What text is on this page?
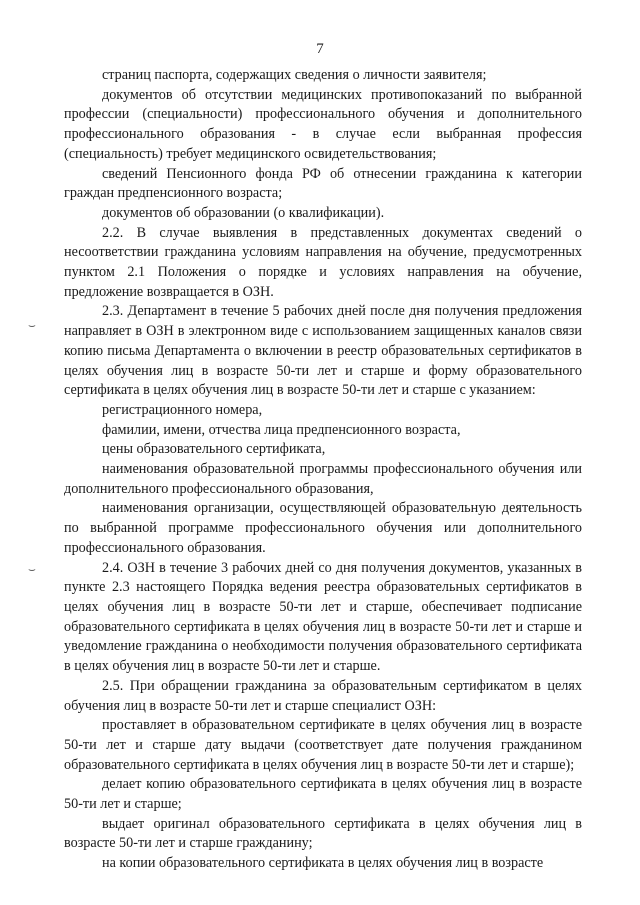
7
⌣
⌣

страниц паспорта, содержащих сведения о личности заявителя;

документов об отсутствии медицинских противопоказаний по выбранной профессии (специальности) профессионального обучения и дополнительного профессионального образования - в случае если выбранная профессия (специальность) требует медицинского освидетельствования;

сведений Пенсионного фонда РФ об отнесении гражданина к категории граждан предпенсионного возраста;

документов об образовании (о квалификации).

2.2. В случае выявления в представленных документах сведений о несоответствии гражданина условиям направления на обучение, предусмотренных пунктом 2.1 Положения о порядке и условиях направления на обучение, предложение возвращается в ОЗН.

2.3. Департамент в течение 5 рабочих дней после дня получения предложения направляет в ОЗН в электронном виде с использованием защищенных каналов связи копию письма Департамента о включении в реестр образовательных сертификатов в целях обучения лиц в возрасте 50-ти лет и старше и форму образовательного сертификата в целях обучения лиц в возрасте 50-ти лет и старше с указанием:

регистрационного номера,

фамилии, имени, отчества лица предпенсионного возраста,

цены образовательного сертификата,

наименования образовательной программы профессионального обучения или дополнительного профессионального образования,

наименования организации, осуществляющей образовательную деятельность по выбранной программе профессионального обучения или дополнительного профессионального образования.

2.4. ОЗН в течение 3 рабочих дней со дня получения документов, указанных в пункте 2.3 настоящего Порядка ведения реестра образовательных сертификатов в целях обучения лиц в возрасте 50-ти лет и старше, обеспечивает подписание образовательного сертификата в целях обучения лиц в возрасте 50-ти лет и старше и уведомление гражданина о необходимости получения образовательного сертификата в целях обучения лиц в возрасте 50-ти лет и старше.

2.5. При обращении гражданина за образовательным сертификатом в целях обучения лиц в возрасте 50-ти лет и старше специалист ОЗН:

проставляет в образовательном сертификате в целях обучения лиц в возрасте 50-ти лет и старше дату выдачи (соответствует дате получения гражданином образовательного сертификата в целях обучения лиц в возрасте 50-ти лет и старше);

делает копию образовательного сертификата в целях обучения лиц в возрасте 50-ти лет и старше;

выдает оригинал образовательного сертификата в целях обучения лиц в возрасте 50-ти лет и старше гражданину;

на копии образовательного сертификата в целях обучения лиц в возрасте
